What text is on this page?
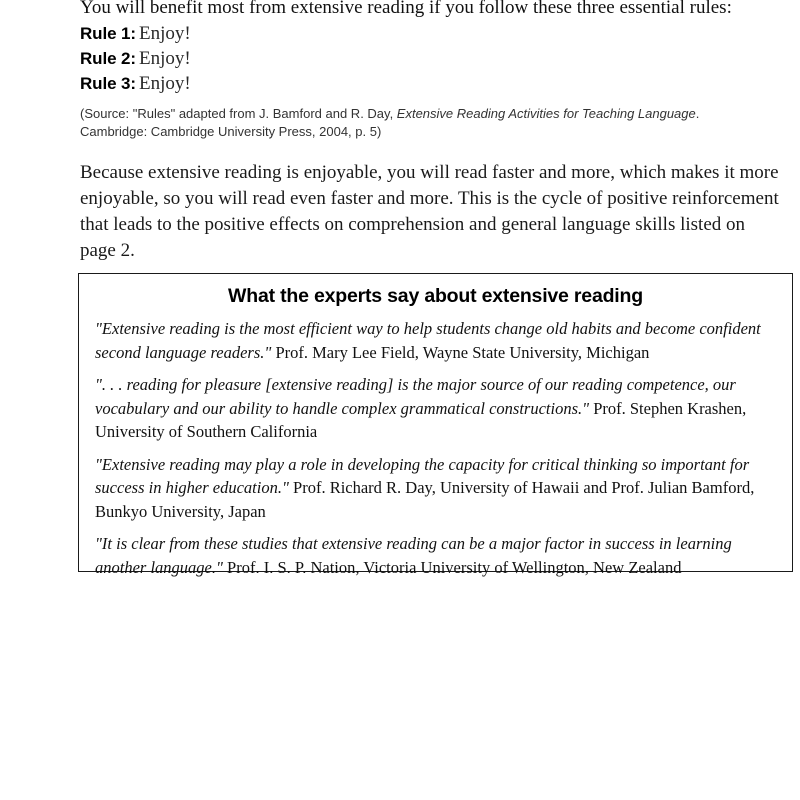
You will benefit most from extensive reading if you follow these three essential rules:
Rule 1: Enjoy!
Rule 2: Enjoy!
Rule 3: Enjoy!
(Source: "Rules" adapted from J. Bamford and R. Day, Extensive Reading Activities for Teaching Language. Cambridge: Cambridge University Press, 2004, p. 5)
Because extensive reading is enjoyable, you will read faster and more, which makes it more enjoyable, so you will read even faster and more. This is the cycle of positive reinforcement that leads to the positive effects on comprehension and general language skills listed on page 2.
What the experts say about extensive reading
"Extensive reading is the most efficient way to help students change old habits and become confident second language readers." Prof. Mary Lee Field, Wayne State University, Michigan
". . . reading for pleasure [extensive reading] is the major source of our reading competence, our vocabulary and our ability to handle complex grammatical constructions." Prof. Stephen Krashen, University of Southern California
"Extensive reading may play a role in developing the capacity for critical thinking so important for success in higher education." Prof. Richard R. Day, University of Hawaii and Prof. Julian Bamford, Bunkyo University, Japan
"It is clear from these studies that extensive reading can be a major factor in success in learning another language." Prof. I. S. P. Nation, Victoria University of Wellington, New Zealand
